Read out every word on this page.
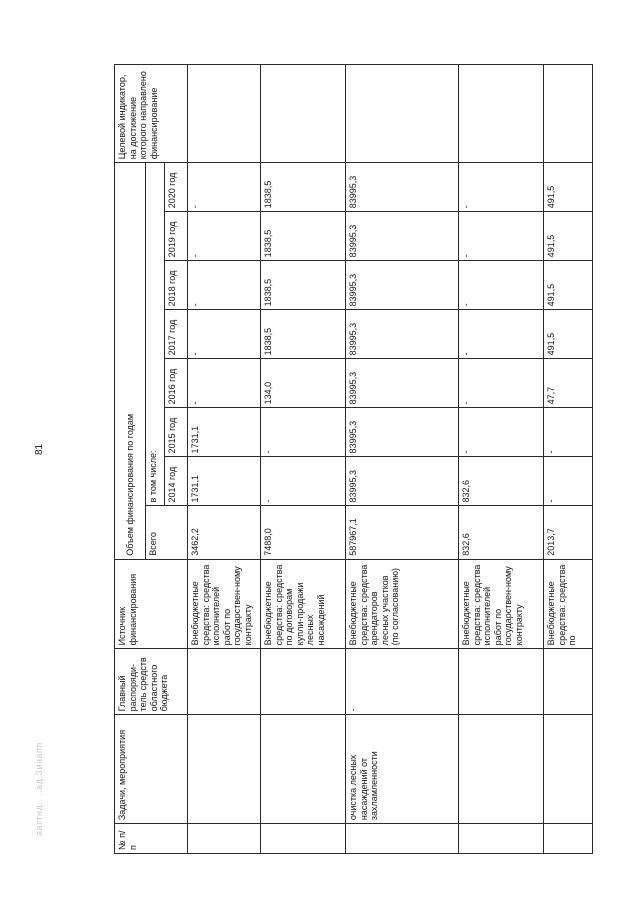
81
ааттнд.. ..ад.Зиаапп
№ п/п	Задачи, мероприятия	Главный распоряди-тель средств областного бюджета	Источник финансирования	Объем финансирования по годам								Целевой индикатор, на достижение которого направлено финансирование
				Всего	в том числе:							
					2014 год	2015 год	2016 год	2017 год	2018 год	2019 год	2020 год	
			Внебюджетные средства: средства исполнителей работ по государствен-ному контракту	3462,2	1731,1	1731,1	-	-	-	-	-	
			Внебюджетные средства: средства по договорам купли-продажи лесных насаждений	7488,0	-	-	134,0	1838,5	1838,5	1838,5	1838,5	
	очистка лесных насаждений от захламленности	-	Внебюджетные средства: средства арендаторов лесных участков (по согласованию)	587967,1	83995,3	83995,3	83995,3	83995,3	83995,3	83995,3	83995,3	
			Внебюджетные средства: средства исполнителей работ по государствен-ному контракту	832,6	832,6	-	-	-	-	-	-	
			Внебюджетные средства: средства по	2013,7	-	-	47,7	491,5	491,5	491,5	491,5	
